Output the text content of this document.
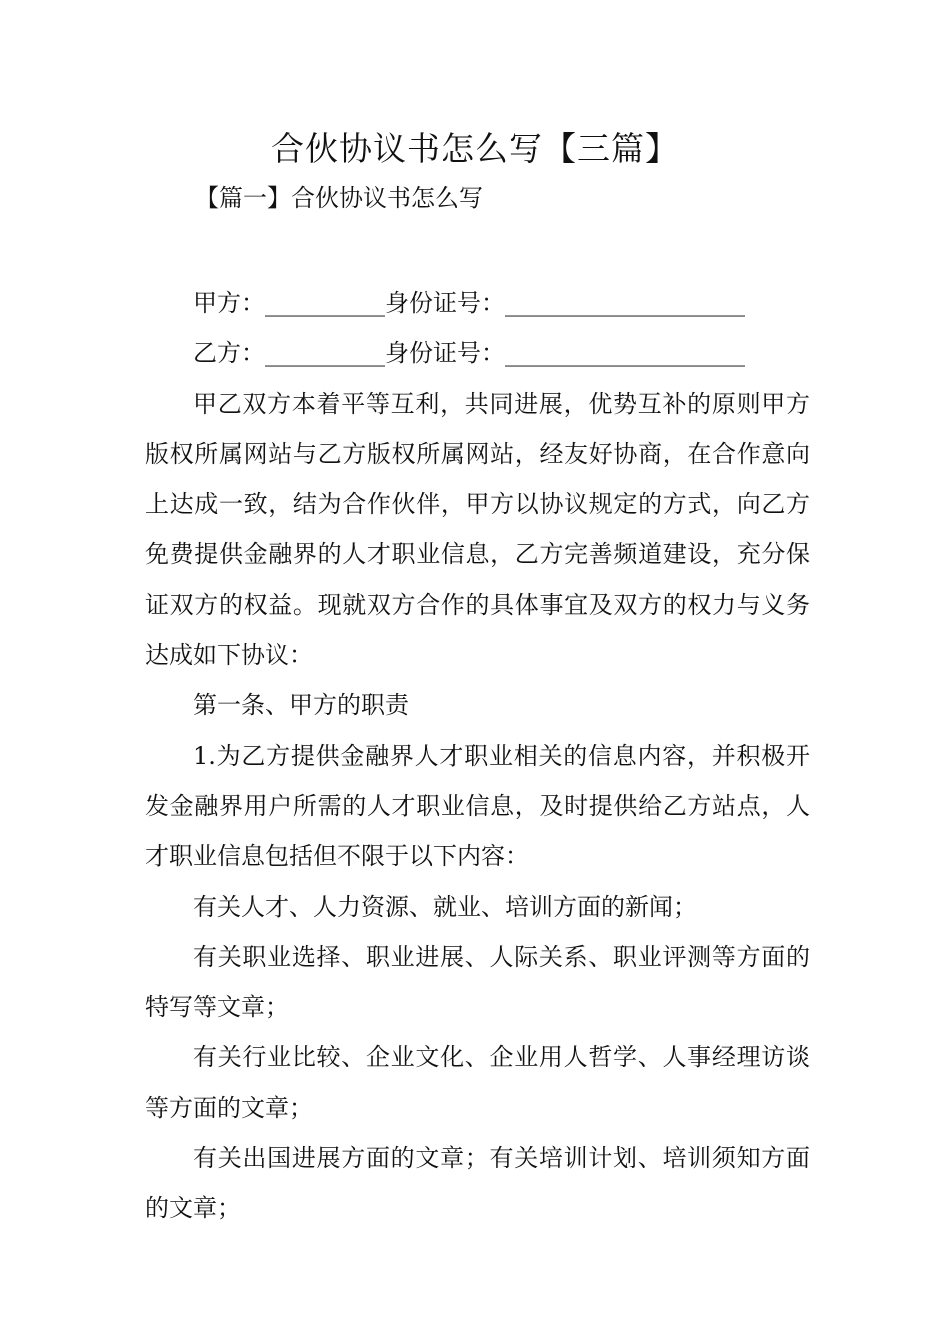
合伙协议书怎么写【三篇】

【篇一】合伙协议书怎么写

甲方：__________身份证号：____________________

乙方：__________身份证号：____________________

甲乙双方本着平等互利，共同进展，优势互补的原则甲方版权所属网站与乙方版权所属网站，经友好协商，在合作意向上达成一致，结为合作伙伴，甲方以协议规定的方式，向乙方免费提供金融界的人才职业信息，乙方完善频道建设，充分保证双方的权益。现就双方合作的具体事宜及双方的权力与义务达成如下协议：

第一条、甲方的职责

1.为乙方提供金融界人才职业相关的信息内容，并积极开发金融界用户所需的人才职业信息，及时提供给乙方站点，人才职业信息包括但不限于以下内容：

有关人才、人力资源、就业、培训方面的新闻；

有关职业选择、职业进展、人际关系、职业评测等方面的特写等文章；

有关行业比较、企业文化、企业用人哲学、人事经理访谈等方面的文章；

有关出国进展方面的文章；有关培训计划、培训须知方面的文章；
